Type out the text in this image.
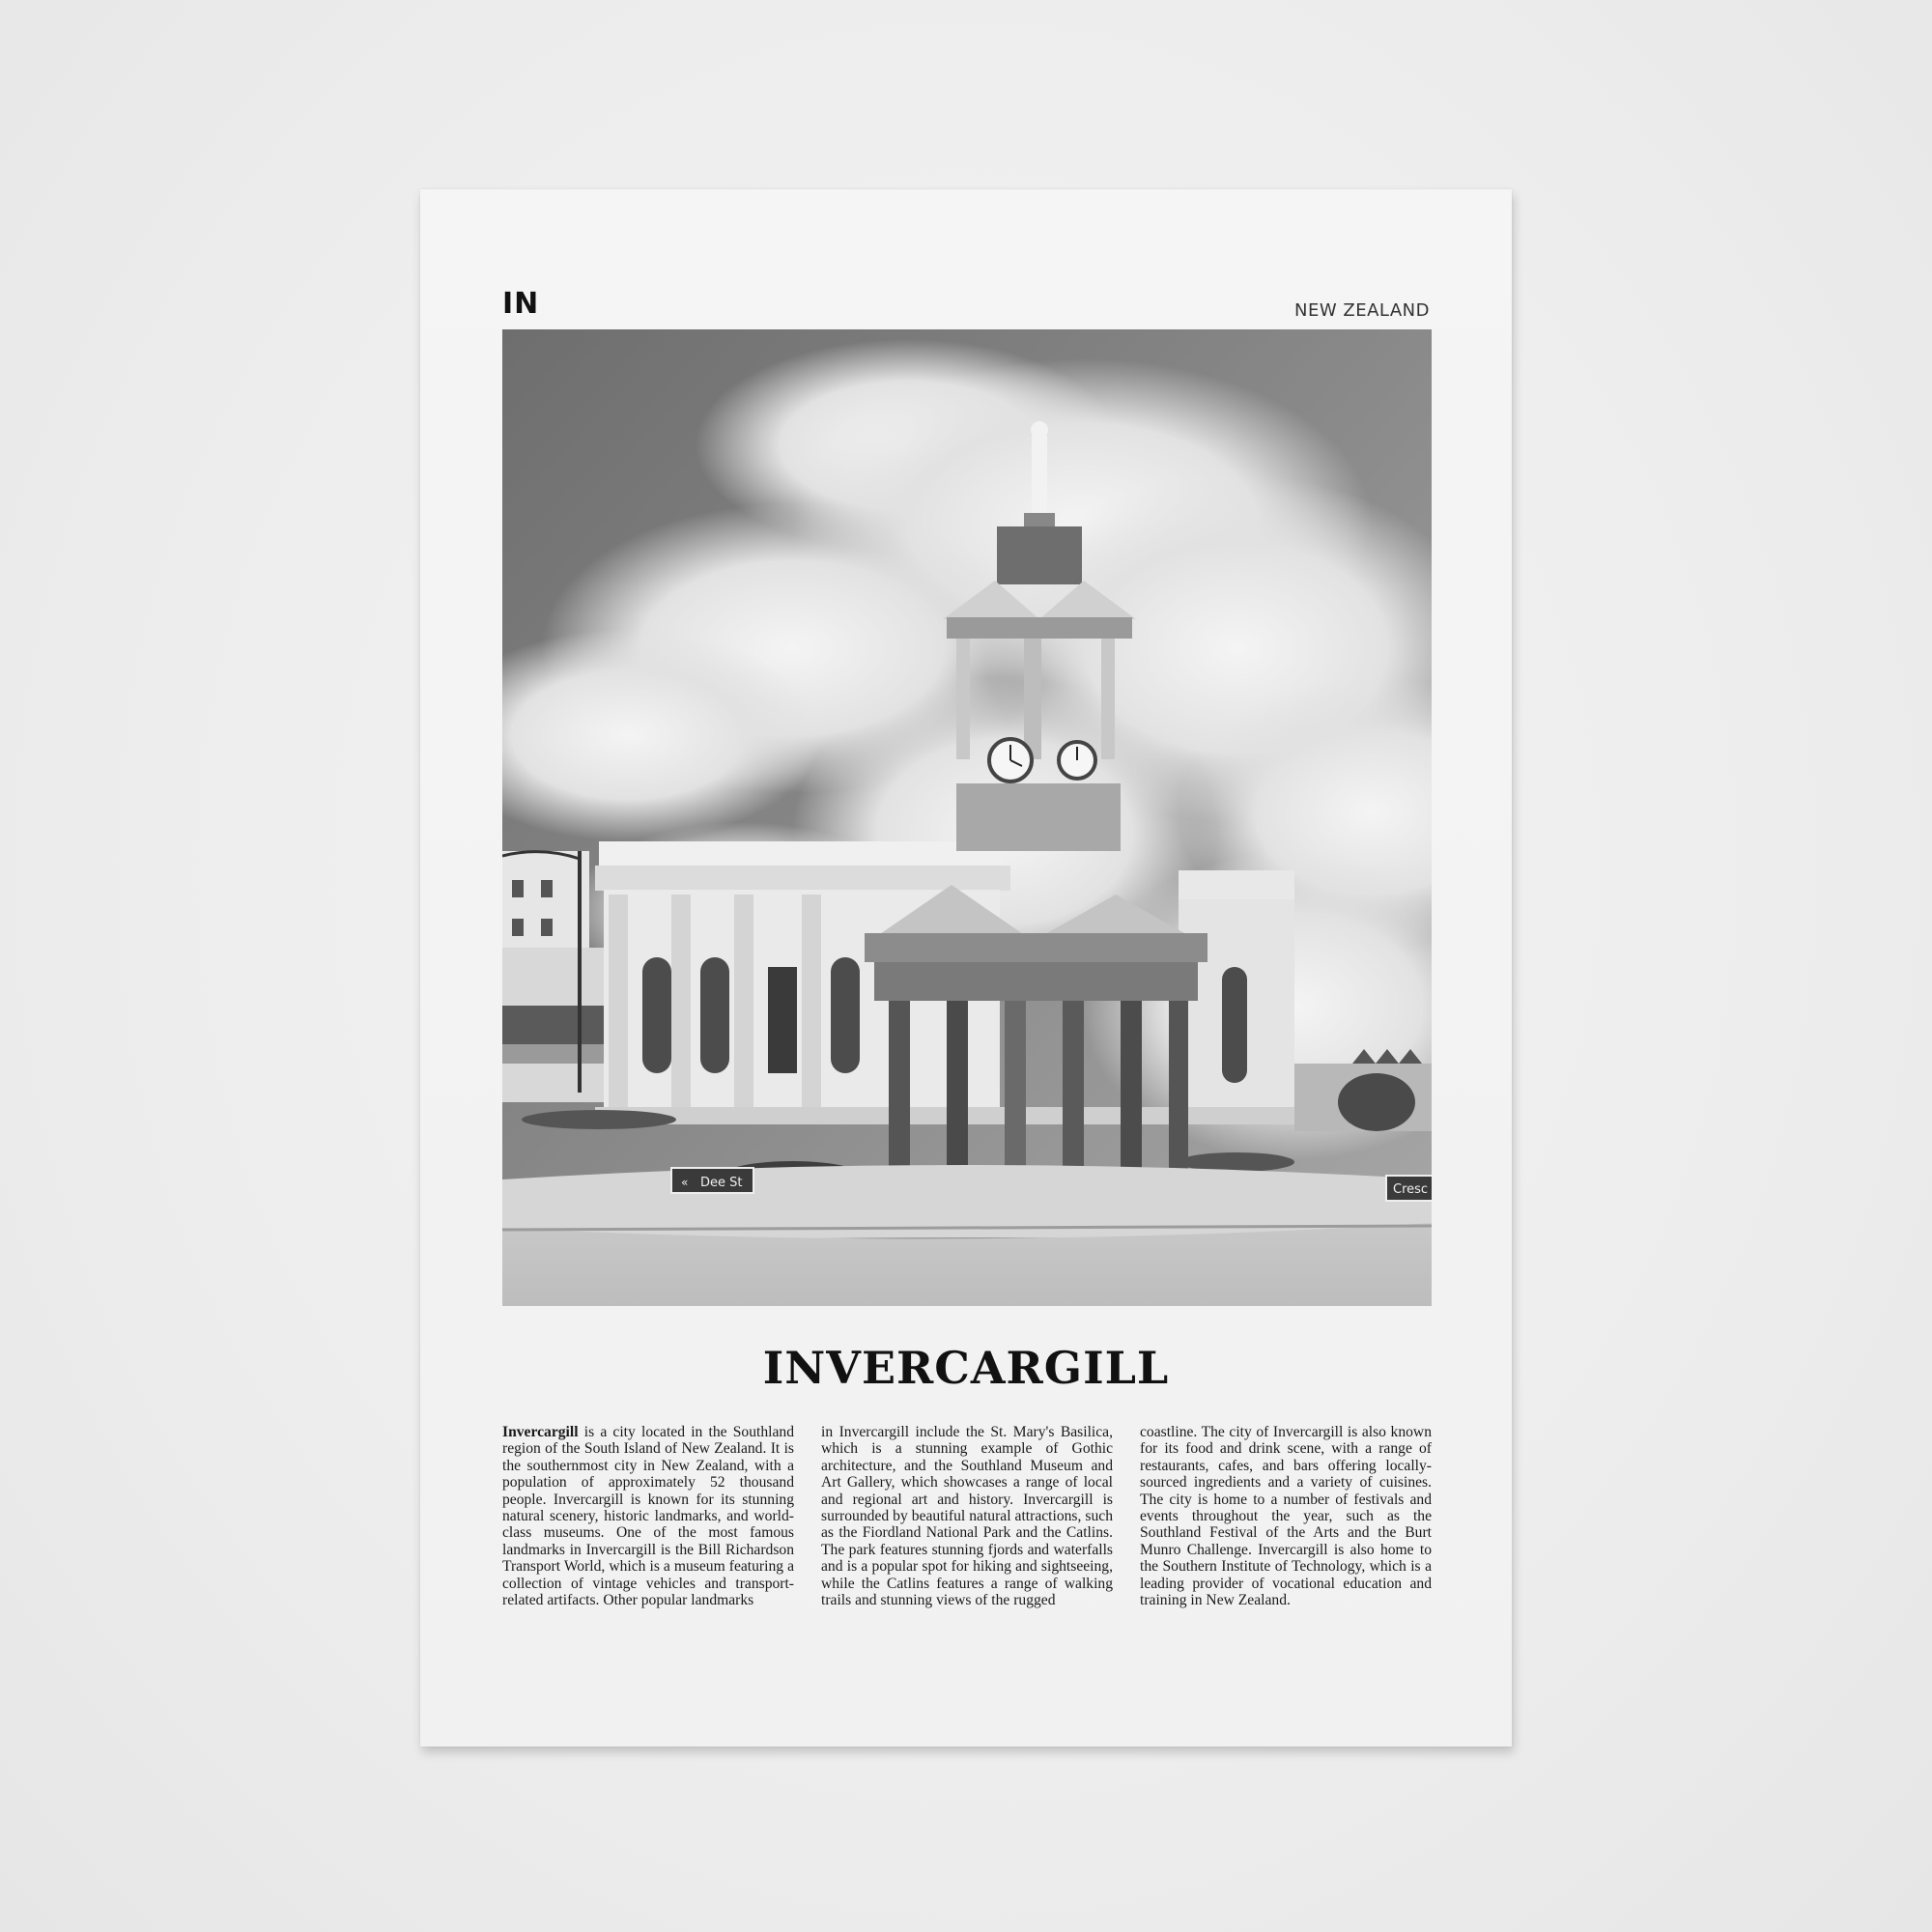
IN	NEW ZEALAND
« Dee St	Cresc
INVERCARGILL
Invercargill is a city located in the Southland region of the South Island of New Zealand. It is the southernmost city in New Zealand, with a population of approximately 52 thousand people. Invercargill is known for its stunning natural scenery, historic landmarks, and world-class museums. One of the most famous landmarks in Invercargill is the Bill Richardson Transport World, which is a museum featuring a collection of vintage vehicles and transport-related artifacts. Other popular landmarks
in Invercargill include the St. Mary's Basilica, which is a stunning example of Gothic architecture, and the Southland Museum and Art Gallery, which showcases a range of local and regional art and history. Invercargill is surrounded by beautiful natural attractions, such as the Fiordland National Park and the Catlins. The park features stunning fjords and waterfalls and is a popular spot for hiking and sightseeing, while the Catlins features a range of walking trails and stunning views of the rugged
coastline. The city of Invercargill is also known for its food and drink scene, with a range of restaurants, cafes, and bars offering locally-sourced ingredients and a variety of cuisines. The city is home to a number of festivals and events throughout the year, such as the Southland Festival of the Arts and the Burt Munro Challenge. Invercargill is also home to the Southern Institute of Technology, which is a leading provider of vocational education and training in New Zealand.
